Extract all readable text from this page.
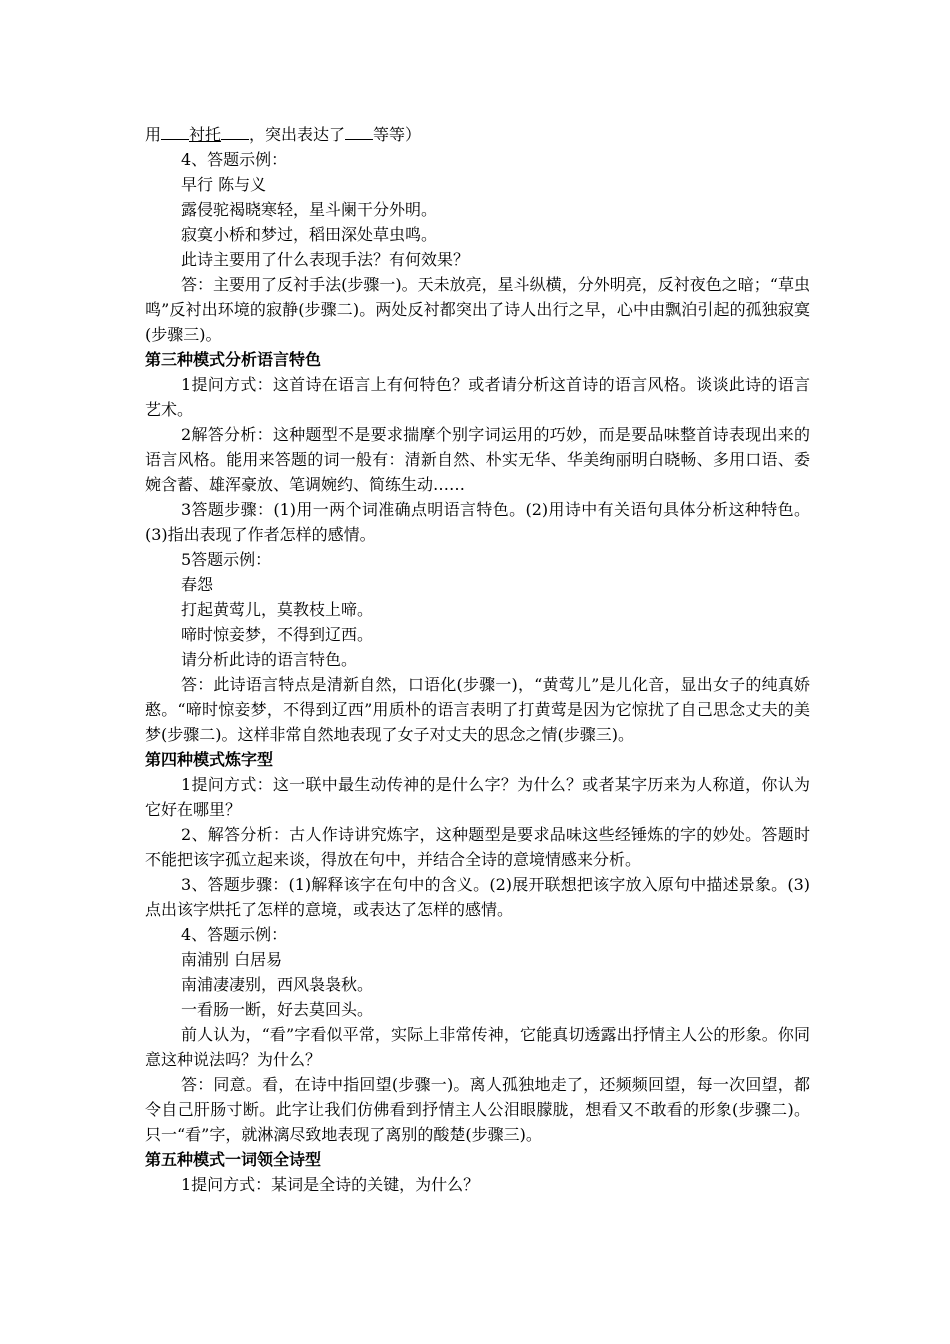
用 衬托 ，突出表达了 等等）

4、答题示例：

早行 陈与义

露侵驼褐晓寒轻，星斗阑干分外明。

寂寞小桥和梦过，稻田深处草虫鸣。

此诗主要用了什么表现手法？有何效果？

答：主要用了反衬手法(步骤一)。天未放亮，星斗纵横，分外明亮，反衬夜色之暗；“草虫鸣”反衬出环境的寂静(步骤二)。两处反衬都突出了诗人出行之早，心中由飘泊引起的孤独寂寞(步骤三)。

第三种模式分析语言特色

1提问方式：这首诗在语言上有何特色？或者请分析这首诗的语言风格。谈谈此诗的语言艺术。

2解答分析：这种题型不是要求揣摩个别字词运用的巧妙，而是要品味整首诗表现出来的语言风格。能用来答题的词一般有：清新自然、朴实无华、华美绚丽明白晓畅、多用口语、委婉含蓄、雄浑豪放、笔调婉约、简练生动……

3答题步骤：(1)用一两个词准确点明语言特色。(2)用诗中有关语句具体分析这种特色。(3)指出表现了作者怎样的感情。

5答题示例：

春怨

打起黄莺儿，莫教枝上啼。

啼时惊妾梦，不得到辽西。

请分析此诗的语言特色。

答：此诗语言特点是清新自然，口语化(步骤一)，“黄莺儿”是儿化音，显出女子的纯真娇憨。“啼时惊妾梦，不得到辽西”用质朴的语言表明了打黄莺是因为它惊扰了自己思念丈夫的美梦(步骤二)。这样非常自然地表现了女子对丈夫的思念之情(步骤三)。

第四种模式炼字型

1提问方式：这一联中最生动传神的是什么字？为什么？或者某字历来为人称道，你认为它好在哪里？

2、解答分析：古人作诗讲究炼字，这种题型是要求品味这些经锤炼的字的妙处。答题时不能把该字孤立起来谈，得放在句中，并结合全诗的意境情感来分析。

3、答题步骤：(1)解释该字在句中的含义。(2)展开联想把该字放入原句中描述景象。(3)点出该字烘托了怎样的意境，或表达了怎样的感情。

4、答题示例：

南浦别 白居易

南浦凄凄别，西风袅袅秋。

一看肠一断，好去莫回头。

前人认为，“看”字看似平常，实际上非常传神，它能真切透露出抒情主人公的形象。你同意这种说法吗？为什么？

答：同意。看，在诗中指回望(步骤一)。离人孤独地走了，还频频回望，每一次回望，都令自己肝肠寸断。此字让我们仿佛看到抒情主人公泪眼朦胧，想看又不敢看的形象(步骤二)。只一“看”字，就淋漓尽致地表现了离别的酸楚(步骤三)。

第五种模式一词领全诗型

1提问方式：某词是全诗的关键，为什么？
